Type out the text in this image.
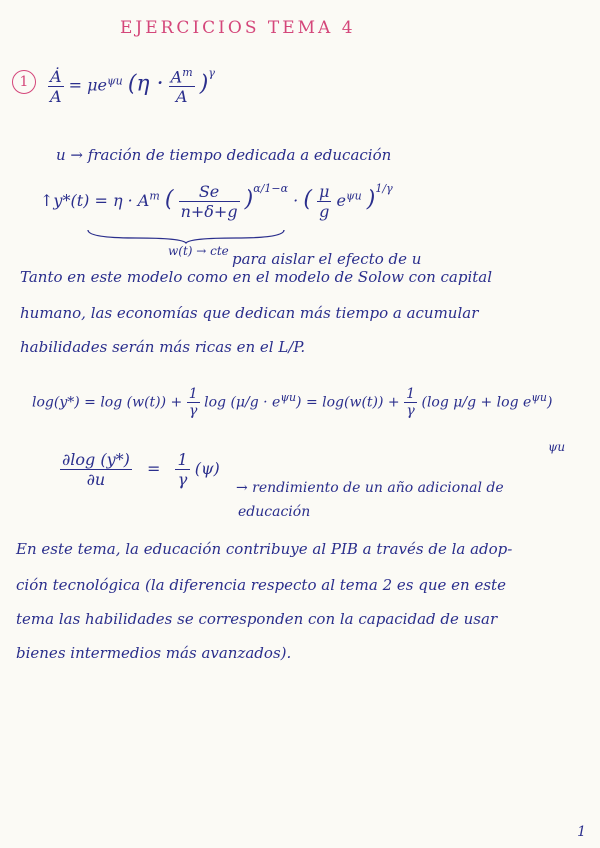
EJERCICIOS TEMA 4
1	$\frac{Ȧ}{A} = \mu e^{\psi u}$ $(\eta \cdot \frac{A^m}{A} )^\gamma$
u → fración de tiempo dedicada a educación
↑y*(t) = $\eta \cdot A^m$ ( $\frac{Se}{n+\delta+g} )^{\alpha/1-\alpha}$ · ( $\frac{\mu}{g} e^{\psi u}$ )$^{1/\gamma}$
w(t) → cte para aislar el efecto de u
Tanto en este modelo como en el modelo de Solow con capital
humano, las economías que dedican más tiempo a acumular
habilidades serán más ricas en el L/P.
$\log(y*) = \log (w(t)) + \frac{1}{\gamma}$ $\log (\mu/g \cdot e^{\psi u}) = \log(w(t)) + \frac{1}{\gamma} (\log$ $\mu/g + \log e^{\psi u}$)
ψu
$\frac{\partial\log (y*)}{\partial u} = \frac{1}{\gamma} (\psi)$
→ rendimiento de un año adicional de
educación
En este tema, la educación contribuye al PIB a través de la adop-
ción tecnológica (la diferencia respecto al tema 2 es que en este
tema las habilidades se corresponden con la capacidad de usar
bienes intermedios más avanzados).
1
